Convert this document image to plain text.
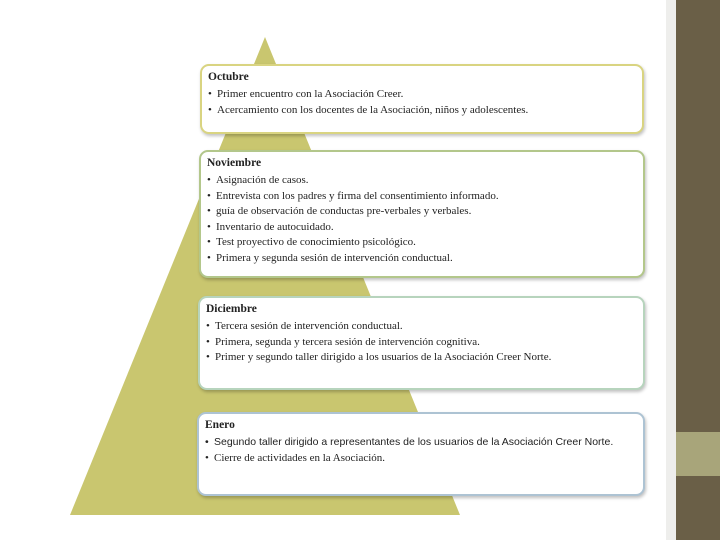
Octubre
• Primer encuentro con la Asociación Creer.
• Acercamiento con los docentes de la Asociación, niños y adolescentes.
Noviembre
• Asignación de casos.
• Entrevista con los padres y firma del consentimiento informado.
• guía de observación de conductas pre-verbales y verbales.
• Inventario de autocuidado.
• Test proyectivo de conocimiento psicológico.
• Primera y segunda sesión de intervención conductual.
Diciembre
• Tercera sesión de intervención conductual.
• Primera, segunda y tercera sesión de intervención cognitiva.
• Primer y segundo taller dirigido a los usuarios de la Asociación Creer Norte.
Enero
• Segundo taller dirigido a representantes de los usuarios de la Asociación Creer Norte.
• Cierre de actividades en la Asociación.
